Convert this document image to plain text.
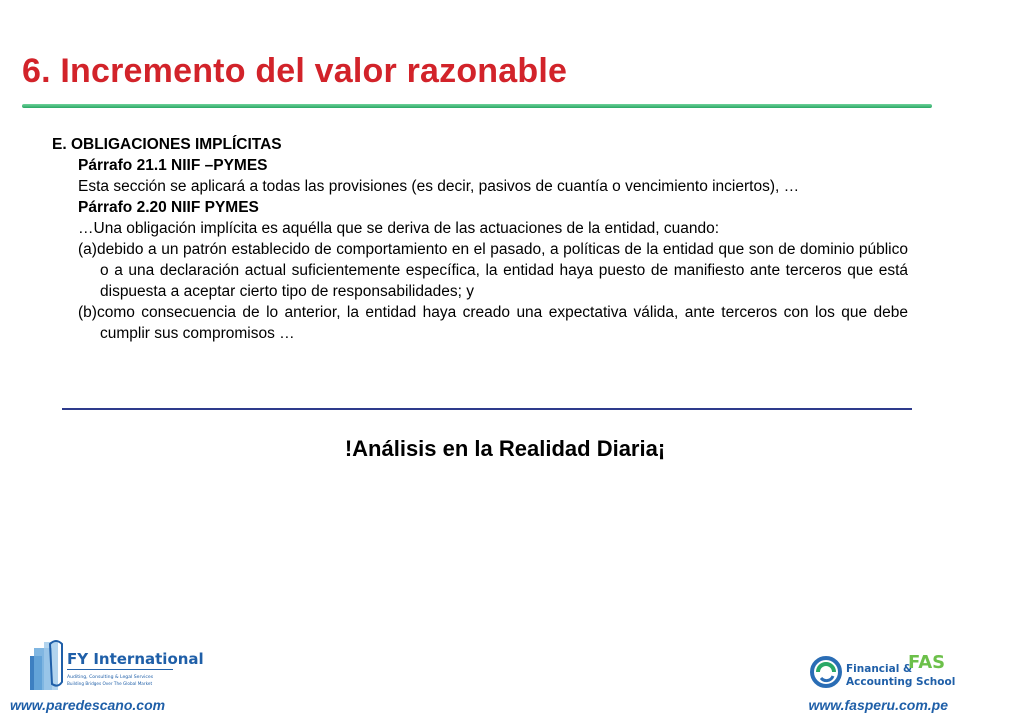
6. Incremento del valor razonable
E. OBLIGACIONES IMPLÍCITAS
Párrafo 21.1 NIIF –PYMES
Esta sección se aplicará a todas las provisiones (es decir, pasivos de cuantía o vencimiento inciertos), …
Párrafo 2.20 NIIF PYMES
…Una obligación implícita es aquélla que se deriva de las actuaciones de la entidad, cuando:
(a)debido a un patrón establecido de comportamiento en el pasado, a políticas de la entidad que son de dominio público o a una declaración actual suficientemente específica, la entidad haya puesto de manifiesto ante terceros que está dispuesta a aceptar cierto tipo de responsabilidades; y
(b)como consecuencia de lo anterior, la entidad haya creado una expectativa válida, ante terceros con los que debe cumplir sus compromisos …
!Análisis en la Realidad Diaria¡
FY International
Auditing, Consulting & Legal Services
Building Bridges Over The Global Market
www.paredescano.com
Financial &
Accounting School
FAS
www.fasperu.com.pe
